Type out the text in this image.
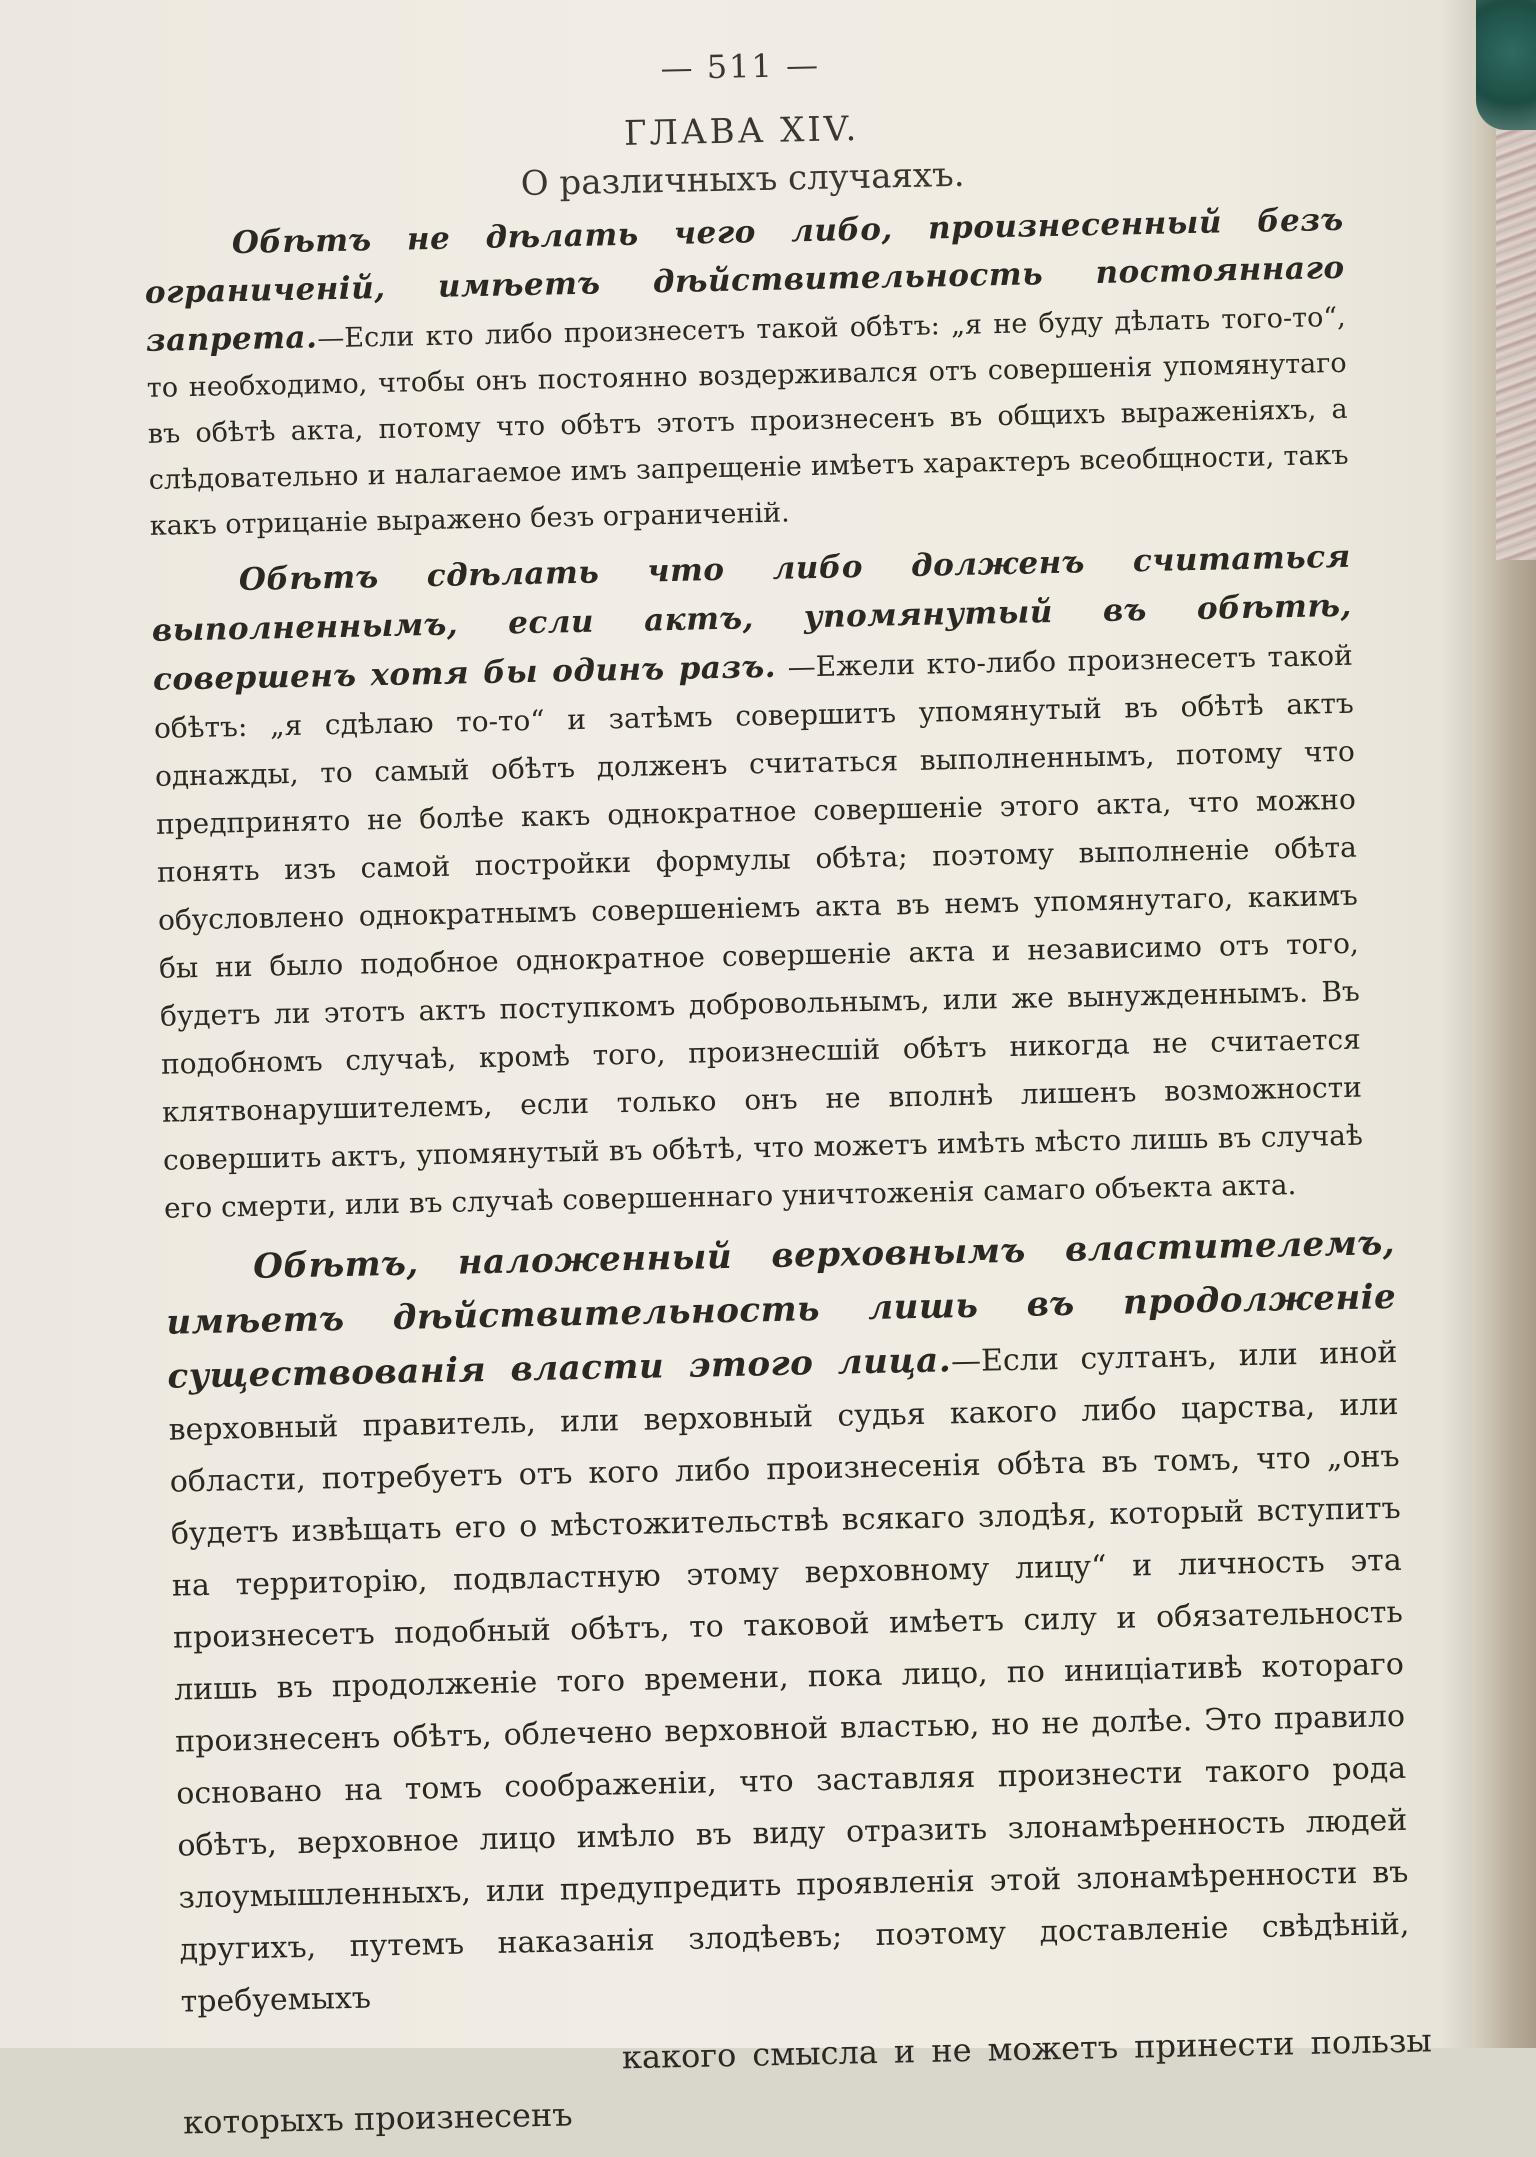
— 511 —
ГЛАВА XIV.
О различныхъ случаяхъ.

Обѣтъ не дѣлать чего либо, произнесенный безъ ограниченій, имѣетъ дѣйствительность постояннаго запрета.—Если кто либо произнесетъ такой обѣтъ: „я не буду дѣлать того-то“, то необходимо, чтобы онъ постоянно воздерживался отъ совершенія упомянутаго въ обѣтѣ акта, потому что обѣтъ этотъ произнесенъ въ общихъ выраженіяхъ, а слѣдовательно и налагаемое имъ запрещеніе имѣетъ характеръ всеобщности, такъ какъ отрицаніе выражено безъ ограниченій.

Обѣтъ сдѣлать что либо долженъ считаться выполненнымъ, если актъ, упомянутый въ обѣтѣ, совершенъ хотя бы одинъ разъ. —Ежели кто-либо произнесетъ такой обѣтъ: „я сдѣлаю то-то“ и затѣмъ совершитъ упомянутый въ обѣтѣ актъ однажды, то самый обѣтъ долженъ считаться выполненнымъ, потому что предпринято не болѣе какъ однократное совершеніе этого акта, что можно понять изъ самой постройки формулы обѣта; поэтому выполненіе обѣта обусловлено однократнымъ совершеніемъ акта въ немъ упомянутаго, какимъ бы ни было подобное однократное совершеніе акта и независимо отъ того, будетъ ли этотъ актъ поступкомъ добровольнымъ, или же вынужденнымъ. Въ подобномъ случаѣ, кромѣ того, произнесшій обѣтъ никогда не считается клятвонарушителемъ, если только онъ не вполнѣ лишенъ возможности совершить актъ, упомянутый въ обѣтѣ, что можетъ имѣть мѣсто лишь въ случаѣ его смерти, или въ случаѣ совершеннаго уничтоженія самаго объекта акта.

Обѣтъ, наложенный верховнымъ властителемъ, имѣетъ дѣйствительность лишь въ продолженіе существованія власти этого лица.—Если султанъ, или иной верховный правитель, или верховный судья какого либо царства, или области, потребуетъ отъ кого либо произнесенія обѣта въ томъ, что „онъ будетъ извѣщать его о мѣстожительствѣ всякаго злодѣя, который вступитъ на территорію, подвластную этому верховному лицу“ и личность эта произнесетъ подобный обѣтъ, то таковой имѣетъ силу и обязательность лишь въ продолженіе того времени, пока лицо, по иниціативѣ котораго произнесенъ обѣтъ, облечено верховной властью, но не долѣе. Это правило основано на томъ соображеніи, что заставляя произнести такого рода обѣтъ, верховное лицо имѣло въ виду отразить злонамѣренность людей злоумышленныхъ, или предупредить проявленія этой злонамѣренности въ другихъ, путемъ наказанія злодѣевъ; поэтому доставленіе свѣдѣній, требуемыхъ

какого смысла и не можетъ принести пользы которыхъ произнесенъ
